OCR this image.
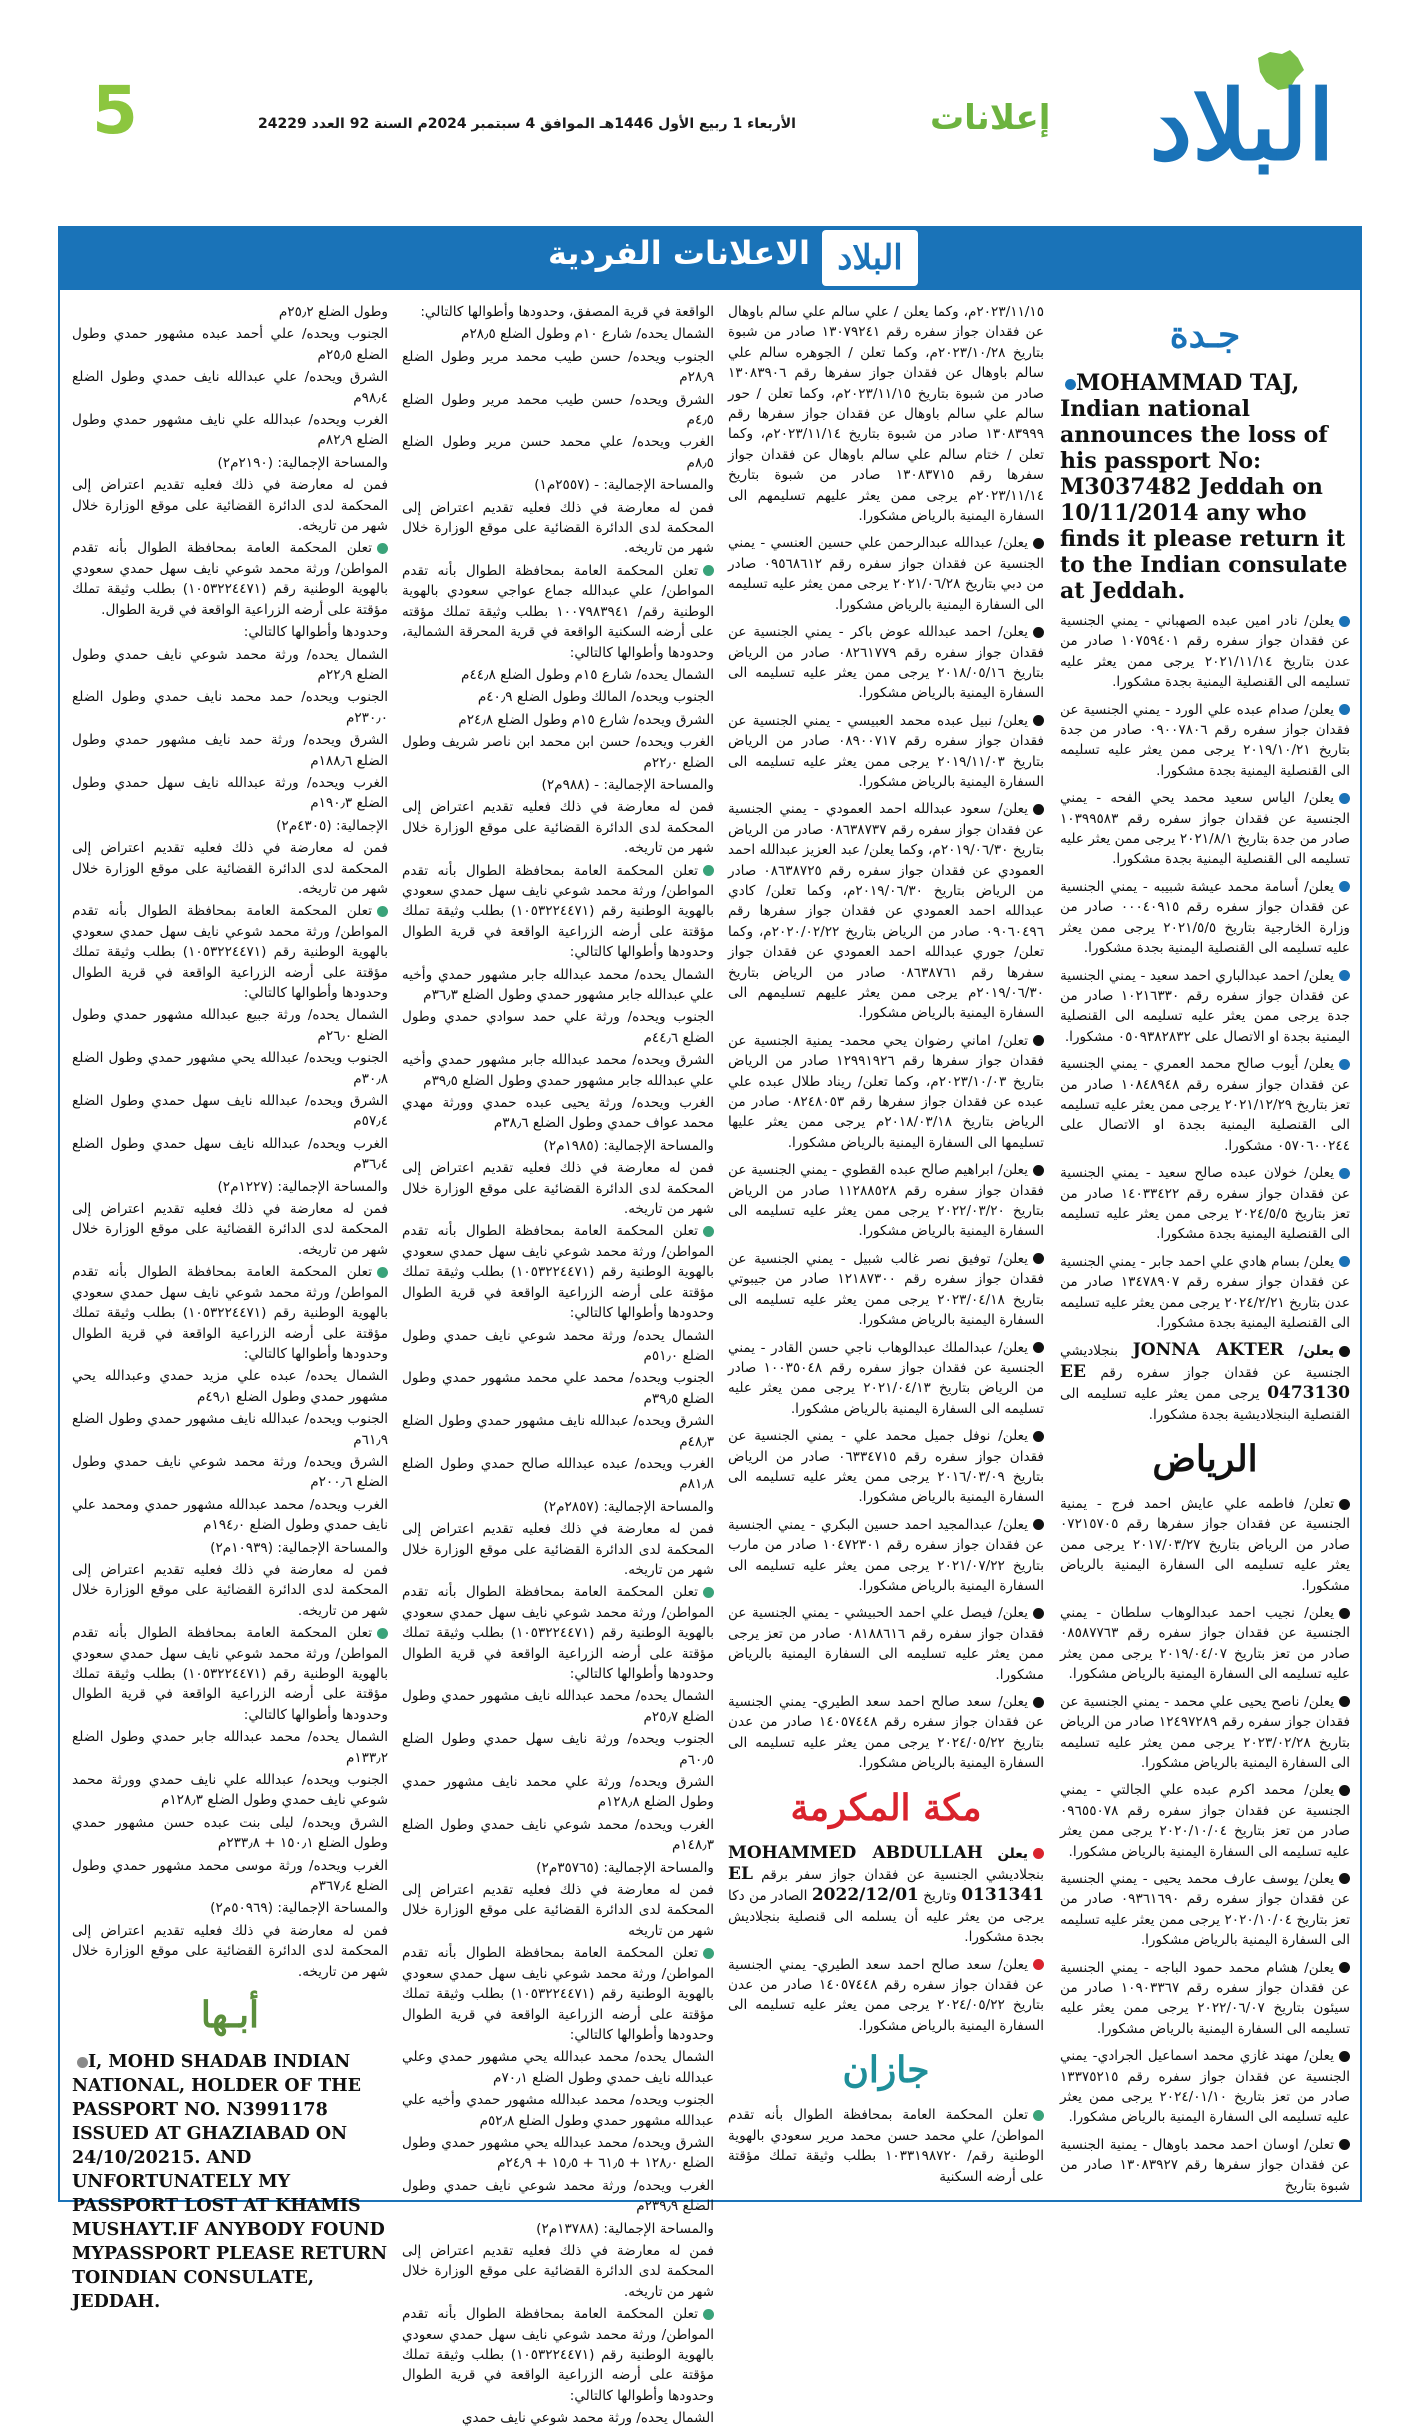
5	الأربعاء 1 ربيع الأول 1446هـ الموافق 4 سبتمبر 2024م السنة 92 العدد 24229	إعلانات	البلاد
الاعلانات الفردية البلاد
جـدة

MOHAMMAD TAJ, Indian national announces the loss of his passport No: M3037482 Jeddah on 10/11/2014 any who finds it please return it to the Indian consulate at Jeddah.

يعلن/ نادر امين عبده الصهباني - يمني الجنسية عن فقدان جواز سفره رقم ١٠٧٥٩٤٠١ صادر من عدن بتاريخ ٢٠٢١/١١/١٤ يرجى ممن يعثر عليه تسليمه الى القنصلية اليمنية بجدة مشكورا.

يعلن/ صدام عبده علي الورد - يمني الجنسية عن فقدان جواز سفره رقم ٠٩٠٠٧٨٠٦ صادر من جدة بتاريخ ٢٠١٩/١٠/٢١ يرجى ممن يعثر عليه تسليمه الى القنصلية اليمنية بجدة مشكورا.

يعلن/ الياس سعيد محمد يحي الفحه - يمني الجنسية عن فقدان جواز سفره رقم ١٠٣٩٩٥٨٣ صادر من جدة بتاريخ ٢٠٢١/٨/١ يرجى ممن يعثر عليه تسليمه الى القنصلية اليمنية بجدة مشكورا.

يعلن/ أسامة محمد عيشة شبيبه - يمني الجنسية عن فقدان جواز سفره رقم ٠٠٠٤٠٩١٥ صادر من وزارة الخارجية بتاريخ ٢٠٢١/٥/٥ يرجى ممن يعثر عليه تسليمه الى القنصلية اليمنية بجدة مشكورا.

يعلن/ احمد عبدالباري احمد سعيد - يمني الجنسية عن فقدان جواز سفره رقم ١٠٢١٦٣٣٠ صادر من جدة يرجى ممن يعثر عليه تسليمه الى القنصلية اليمنية بجدة او الاتصال على ٠٥٠٩٣٨٢٨٣٢ مشكورا.

يعلن/ أيوب صالح محمد العمري - يمني الجنسية عن فقدان جواز سفره رقم ١٠٨٤٨٩٤٨ صادر من تعز بتاريخ ٢٠٢١/١٢/٢٩ يرجى ممن يعثر عليه تسليمه الى القنصلية اليمنية بجدة او الاتصال على ٠٥٧٠٦٠٠٢٤٤ مشكورا.

يعلن/ خولان عبده صالح سعيد - يمني الجنسية عن فقدان جواز سفره رقم ١٤٠٣٣٤٢٢ صادر من تعز بتاريخ ٢٠٢٤/٥/٥ يرجى ممن يعثر عليه تسليمه الى القنصلية اليمنية بجدة مشكورا.

يعلن/ بسام هادي علي احمد جابر - يمني الجنسية عن فقدان جواز سفره رقم ١٣٤٧٨٩٠٧ صادر من عدن بتاريخ ٢٠٢٤/٢/٢١ يرجى ممن يعثر عليه تسليمه الى القنصلية اليمنية بجدة مشكورا.

يعلن/ JONNA AKTER بنجلاديشي الجنسية عن فقدان جواز سفره رقم EE 0473130 يرجى ممن يعثر عليه تسليمه الى القنصلية البنجلاديشية بجدة مشكورا.

الرياض

تعلن/ فاطمه علي عايش احمد فرج - يمنية الجنسية عن فقدان جواز سفرها رقم ٠٧٢١٥٧٠٥ صادر من الرياض بتاريخ ٢٠١٧/٠٣/٢٧ يرجى ممن يعثر عليه تسليمه الى السفارة اليمنية بالرياض مشكورا.

يعلن/ نجيب احمد عبدالوهاب سلطان - يمني الجنسية عن فقدان جواز سفره رقم ٠٨٥٨٧٧٦٣ صادر من تعز بتاريخ ٢٠١٩/٠٤/٠٧ يرجى ممن يعثر عليه تسليمه الى السفارة اليمنية بالرياض مشكورا.

يعلن/ ناصح يحيى علي محمد - يمني الجنسية عن فقدان جواز سفره رقم ١٢٤٩٧٢٨٩ صادر من الرياض بتاريخ ٢٠٢٣/٠٢/٢٨ يرجى ممن يعثر عليه تسليمه الى السفارة اليمنية بالرياض مشكورا.

يعلن/ محمد اكرم عبده علي الجالتي - يمني الجنسية عن فقدان جواز سفره رقم ٠٩٦٥٥٠٧٨ صادر من تعز بتاريخ ٢٠٢٠/١٠/٠٤ يرجى ممن يعثر عليه تسليمه الى السفارة اليمنية بالرياض مشكورا.

يعلن/ يوسف عارف محمد يحيى - يمني الجنسية عن فقدان جواز سفره رقم ٠٩٣٦١٦٩٠ صادر من تعز بتاريخ ٢٠٢٠/١٠/٠٤ يرجى ممن يعثر عليه تسليمه الى السفارة اليمنية بالرياض مشكورا.

يعلن/ هشام محمد حمود الباجه - يمني الجنسية عن فقدان جواز سفره رقم ١٠٩٠٣٣٦٧ صادر من سيئون بتاريخ ٢٠٢٢/٠٦/٠٧ يرجى ممن يعثر عليه تسليمه الى السفارة اليمنية بالرياض مشكورا.

يعلن/ مهند غازي محمد اسماعيل الجرادي- يمني الجنسية عن فقدان جواز سفره رقم ١٣٣٧٥٢١٥ صادر من تعز بتاريخ ٢٠٢٤/٠١/١٠ يرجى ممن يعثر عليه تسليمه الى السفارة اليمنية بالرياض مشكورا.

تعلن/ اوسان احمد محمد باوهال - يمنية الجنسية عن فقدان جواز سفرها رقم ١٣٠٨٣٩٢٧ صادر من شبوة بتاريخ

٢٠٢٣/١١/١٥م، وكما يعلن / علي سالم علي سالم باوهال عن فقدان جواز سفره رقم ١٣٠٧٩٢٤١ صادر من شبوة بتاريخ ٢٠٢٣/١٠/٢٨م، وكما تعلن / الجوهره سالم علي سالم باوهال عن فقدان جواز سفرها رقم ١٣٠٨٣٩٠٦ صادر من شبوة بتاريخ ٢٠٢٣/١١/١٥م، وكما تعلن / حور سالم علي سالم باوهال عن فقدان جواز سفرها رقم ١٣٠٨٣٩٩٩ صادر من شبوة بتاريخ ٢٠٢٣/١١/١٤م، وكما تعلن / ختام سالم علي سالم باوهال عن فقدان جواز سفرها رقم ١٣٠٨٣٧١٥ صادر من شبوة بتاريخ ٢٠٢٣/١١/١٤م يرجى ممن يعثر عليهم تسليمهم الى السفارة اليمنية بالرياض مشكورا.

يعلن/ عبدالله عبدالرحمن علي حسين العنسي - يمني الجنسية عن فقدان جواز سفره رقم ٠٩٥٦٨٦١٢ صادر من دبي بتاريخ ٢٠٢١/٠٦/٢٨ يرجى ممن يعثر عليه تسليمه الى السفارة اليمنية بالرياض مشكورا.

يعلن/ احمد عبدالله عوض باكر - يمني الجنسية عن فقدان جواز سفره رقم ٠٨٢٦١٧٧٩ صادر من الرياض بتاريخ ٢٠١٨/٠٥/١٦ يرجى ممن يعثر عليه تسليمه الى السفارة اليمنية بالرياض مشكورا.

يعلن/ نبيل عبده محمد العبيسي - يمني الجنسية عن فقدان جواز سفره رقم ٠٨٩٠٠٧١٧ صادر من الرياض بتاريخ ٢٠١٩/١١/٠٣ يرجى ممن يعثر عليه تسليمه الى السفارة اليمنية بالرياض مشكورا.

يعلن/ سعود عبدالله احمد العمودي - يمني الجنسية عن فقدان جواز سفره رقم ٠٨٦٣٨٧٣٧ صادر من الرياض بتاريخ ٢٠١٩/٠٦/٣٠م، وكما يعلن/ عبد العزيز عبدالله احمد العمودي عن فقدان جواز سفره رقم ٠٨٦٣٨٧٢٥ صادر من الرياض بتاريخ ٢٠١٩/٠٦/٣٠م، وكما تعلن/ كادي عبدالله احمد العمودي عن فقدان جواز سفرها رقم ٠٩٠٦٠٤٩٦ صادر من الرياض بتاريخ ٢٠٢٠/٠٢/٢٢م، وكما تعلن/ جوري عبدالله احمد العمودي عن فقدان جواز سفرها رقم ٠٨٦٣٨٧٦١ صادر من الرياض بتاريخ ٢٠١٩/٠٦/٣٠م يرجى ممن يعثر عليهم تسليمهم الى السفارة اليمنية بالرياض مشكورا.

تعلن/ اماني رضوان يحي محمد- يمنية الجنسية عن فقدان جواز سفرها رقم ١٢٩٩١٩٢٦ صادر من الرياض بتاريخ ٢٠٢٣/١٠/٠٣م، وكما تعلن/ ريناد طلال عبده علي عبده عن فقدان جواز سفرها رقم ٠٨٢٤٨٠٥٣ صادر من الرياض بتاريخ ٢٠١٨/٠٣/١٨م يرجى ممن يعثر عليها تسليمها الى السفارة اليمنية بالرياض مشكورا.

يعلن/ ابراهيم صالح عبده القطوي - يمني الجنسية عن فقدان جواز سفره رقم ١١٢٨٨٥٢٨ صادر من الرياض بتاريخ ٢٠٢٢/٠٣/٢٠ يرجى ممن يعثر عليه تسليمه الى السفارة اليمنية بالرياض مشكورا.

يعلن/ توفيق نصر غالب شبيل - يمني الجنسية عن فقدان جواز سفره رقم ١٢١٨٧٣٠٠ صادر من جيبوتي بتاريخ ٢٠٢٣/٠٤/١٨ يرجى ممن يعثر عليه تسليمه الى السفارة اليمنية بالرياض مشكورا.

يعلن/ عبدالملك عبدالوهاب ناجي حسن القادر - يمني الجنسية عن فقدان جواز سفره رقم ١٠٠٣٥٠٤٨ صادر من الرياض بتاريخ ٢٠٢١/٠٤/١٣ يرجى ممن يعثر عليه تسليمه الى السفارة اليمنية بالرياض مشكورا.

يعلن/ نوفل جميل محمد علي - يمني الجنسية عن فقدان جواز سفره رقم ٠٦٣٣٤٧١٥ صادر من الرياض بتاريخ ٢٠١٦/٠٣/٠٩ يرجى ممن يعثر عليه تسليمه الى السفارة اليمنية بالرياض مشكورا.

يعلن/ عبدالمجيد احمد حسين البكري - يمني الجنسية عن فقدان جواز سفره رقم ١٠٤٧٢٣٠١ صادر من مارب بتاريخ ٢٠٢١/٠٧/٢٢ يرجى ممن يعثر عليه تسليمه الى السفارة اليمنية بالرياض مشكورا.

يعلن/ فيصل علي احمد الحبيشي - يمني الجنسية عن فقدان جواز سفره رقم ٠٨١٨٨٦١٦ صادر من تعز يرجى ممن يعثر عليه تسليمه الى السفارة اليمنية بالرياض مشكورا.

يعلن/ سعد صالح احمد سعد الطيري- يمني الجنسية عن فقدان جواز سفره رقم ١٤٠٥٧٤٤٨ صادر من عدن بتاريخ ٢٠٢٤/٠٥/٢٢ يرجى ممن يعثر عليه تسليمه الى السفارة اليمنية بالرياض مشكورا.

مكة المكرمة

يعلن MOHAMMED ABDULLAH بنجلاديشي الجنسية عن فقدان جواز سفر برقم EL 0131341 وتاريخ 2022/12/01 الصادر من دكا يرجى من يعثر عليه أن يسلمه الى قنصلية بنجلاديش بجدة مشكورا.

يعلن/ سعد صالح احمد سعد الطيري- يمني الجنسية عن فقدان جواز سفره رقم ١٤٠٥٧٤٤٨ صادر من عدن بتاريخ ٢٠٢٤/٠٥/٢٢ يرجى ممن يعثر عليه تسليمه الى السفارة اليمنية بالرياض مشكورا.

جازان

تعلن المحكمة العامة بمحافظة الطوال بأنه تقدم المواطن/ علي محمد حسن محمد مرير سعودي بالهوية الوطنية رقم/ ١٠٣٣١٩٨٧٢٠ بطلب وثيقة تملك مؤقتة على أرضه السكنية

الواقعة في قرية المصفق، وحدودها وأطوالها كالتالي:

الشمال يحده/ شارع ١٠م وطول الضلع ٢٨٫٥م

الجنوب ويحده/ حسن طيب محمد مرير وطول الضلع ٢٨٫٩م

الشرق ويحده/ حسن طيب محمد مرير وطول الضلع ٤٫٥م

الغرب ويحده/ علي محمد حسن مرير وطول الضلع ٨٫٥م

والمساحة الإجمالية: - (٢٥٥٧م١)

فمن له معارضة في ذلك فعليه تقديم اعتراض إلى المحكمة لدى الدائرة القضائية على موقع الوزارة خلال شهر من تاريخه.

تعلن المحكمة العامة بمحافظة الطوال بأنه تقدم المواطن/ علي عبدالله جماع عواجي سعودي بالهوية الوطنية رقم/ ١٠٠٧٩٨٣٩٤١ بطلب وثيقة تملك مؤقته على أرضه السكنية الواقعة في قرية المحرقة الشمالية، وحدودها وأطوالها كالتالي:

الشمال يحده/ شارع ١٥م وطول الضلع ٤٤٫٨م

الجنوب ويحده/ المالك وطول الضلع ٤٠٫٩م

الشرق ويحده/ شارع ١٥م وطول الضلع ٢٤٫٨م

الغرب ويحده/ حسن ابن محمد ابن ناصر شريف وطول الضلع ٢٢٫٠م

والمساحة الإجمالية: - (٩٨٨م٢)

فمن له معارضة في ذلك فعليه تقديم اعتراض إلى المحكمة لدى الدائرة القضائية على موقع الوزارة خلال شهر من تاريخه.

تعلن المحكمة العامة بمحافظة الطوال بأنه تقدم المواطن/ ورثة محمد شوعي نايف سهل حمدي سعودي بالهوية الوطنية رقم (١٠٥٣٢٢٤٤٧١) بطلب وثيقة تملك مؤقتة على أرضه الزراعية الواقعة في قرية الطوال وحدودها وأطوالها كالتالي:

الشمال يحده/ محمد عبدالله جابر مشهور حمدي وأخيه علي عبدالله جابر مشهور حمدي وطول الضلع ٣٦٫٣م

الجنوب ويحده/ ورثة علي حمد سوادي حمدي وطول الضلع ٤٤٫٦م

الشرق ويحده/ محمد عبدالله جابر مشهور حمدي وأخيه علي عبدالله جابر مشهور حمدي وطول الضلع ٣٩٫٥م

الغرب ويحده/ ورثة يحيى عبده حمدي وورثة مهدي محمد عواف حمدي وطول الضلع ٣٨٫٦م

والمساحة الإجمالية: (١٩٨٥م٢)

فمن له معارضة في ذلك فعليه تقديم اعتراض إلى المحكمة لدى الدائرة القضائية على موقع الوزارة خلال شهر من تاريخه.

تعلن المحكمة العامة بمحافظة الطوال بأنه تقدم المواطن/ ورثة محمد شوعي نايف سهل حمدي سعودي بالهوية الوطنية رقم (١٠٥٣٢٢٤٤٧١) بطلب وثيقة تملك مؤقتة على أرضه الزراعية الواقعة في قرية الطوال وحدودها وأطوالها كالتالي:

الشمال يحده/ ورثة محمد شوعي نايف حمدي وطول الضلع ٥١٫٠م

الجنوب ويحده/ محمد علي محمد مشهور حمدي وطول الضلع ٣٩٫٥م

الشرق ويحده/ عبدالله نايف مشهور حمدي وطول الضلع ٤٨٫٣م

الغرب ويحده/ عبده عبدالله صالح حمدي وطول الضلع ٨١٫٨م

والمساحة الإجمالية: (٢٨٥٧م٢)

فمن له معارضة في ذلك فعليه تقديم اعتراض إلى المحكمة لدى الدائرة القضائية على موقع الوزارة خلال شهر من تاريخه.

تعلن المحكمة العامة بمحافظة الطوال بأنه تقدم المواطن/ ورثة محمد شوعي نايف سهل حمدي سعودي بالهوية الوطنية رقم (١٠٥٣٢٢٤٤٧١) بطلب وثيقة تملك مؤقتة على أرضه الزراعية الواقعة في قرية الطوال وحدودها وأطوالها كالتالي:

الشمال يحده/ محمد عبدالله نايف مشهور حمدي وطول الضلع ٢٥٫٧م

الجنوب ويحده/ ورثة نايف سهل حمدي وطول الضلع ٦٠٫٥م

الشرق ويحده/ ورثة علي محمد نايف مشهور حمدي وطول الضلع ١٢٨٫٨م

الغرب ويحده/ محمد شوعي نايف حمدي وطول الضلع ١٤٨٫٣م

والمساحة الإجمالية: (٣٥٧٦٥م٢)

فمن له معارضة في ذلك فعليه تقديم اعتراض إلى المحكمة لدى الدائرة القضائية على موقع الوزارة خلال شهر من تاريخه

تعلن المحكمة العامة بمحافظة الطوال بأنه تقدم المواطن/ ورثة محمد شوعي نايف سهل حمدي سعودي بالهوية الوطنية رقم (١٠٥٣٢٢٤٤٧١) بطلب وثيقة تملك مؤقتة على أرضه الزراعية الواقعة في قرية الطوال وحدودها وأطوالها كالتالي:

الشمال يحده/ محمد عبدالله يحي مشهور حمدي وعلي عبدالله نايف حمدي وطول الضلع ٧٠٫١م

الجنوب ويحده/ محمد عبدالله مشهور حمدي وأخيه علي عبدالله مشهور حمدي وطول الضلع ٥٢٫٨م

الشرق ويحده/ محمد عبدالله يحي مشهور حمدي وطول الضلع ١٢٨٫٠ + ٦١٫٥ + ١٥٫٥ + ٢٤٫٩م

الغرب ويحده/ ورثة محمد شوعي نايف حمدي وطول الضلع ٢٣٩٫٩م

والمساحة الإجمالية: (١٣٧٨٨م٢)

فمن له معارضة في ذلك فعليه تقديم اعتراض إلى المحكمة لدى الدائرة القضائية على موقع الوزارة خلال شهر من تاريخه.

تعلن المحكمة العامة بمحافظة الطوال بأنه تقدم المواطن/ ورثة محمد شوعي نايف سهل حمدي سعودي بالهوية الوطنية رقم (١٠٥٣٢٢٤٤٧١) بطلب وثيقة تملك مؤقتة على أرضه الزراعية الواقعة في قرية الطوال وحدودها وأطوالها كالتالي:

الشمال يحده/ ورثة محمد شوعي نايف حمدي

وطول الضلع ٢٥٫٢م

الجنوب ويحده/ علي أحمد عبده مشهور حمدي وطول الضلع ٢٥٫٥م

الشرق ويحده/ علي عبدالله نايف حمدي وطول الضلع ٩٨٫٤م

الغرب ويحده/ عبدالله علي نايف مشهور حمدي وطول الضلع ٨٢٫٩م

والمساحة الإجمالية: (٢١٩٠م٢)

فمن له معارضة في ذلك فعليه تقديم اعتراض إلى المحكمة لدى الدائرة القضائية على موقع الوزارة خلال شهر من تاريخه.

تعلن المحكمة العامة بمحافظة الطوال بأنه تقدم المواطن/ ورثة محمد شوعي نايف سهل حمدي سعودي بالهوية الوطنية رقم (١٠٥٣٢٢٤٤٧١) بطلب وثيقة تملك مؤقتة على أرضه الزراعية الواقعة في قرية الطوال.

وحدودها وأطوالها كالتالي:

الشمال يحده/ ورثة محمد شوعي نايف حمدي وطول الضلع ٢٢٫٩م

الجنوب ويحده/ حمد محمد نايف حمدي وطول الضلع ٢٣٠٫٠م

الشرق ويحده/ ورثة حمد نايف مشهور حمدي وطول الضلع ١٨٨٫٦م

الغرب ويحده/ ورثة عبدالله نايف سهل حمدي وطول الضلع ١٩٠٫٣م

الإجمالية: (٤٣٠٥م٢)

فمن له معارضة في ذلك فعليه تقديم اعتراض إلى المحكمة لدى الدائرة القضائية على موقع الوزارة خلال شهر من تاريخه.

تعلن المحكمة العامة بمحافظة الطوال بأنه تقدم المواطن/ ورثة محمد شوعي نايف سهل حمدي سعودي بالهوية الوطنية رقم (١٠٥٣٢٢٤٤٧١) بطلب وثيقة تملك مؤقتة على أرضه الزراعية الواقعة في قرية الطوال وحدودها وأطوالها كالتالي:

الشمال يحده/ ورثة جبيع عبدالله مشهور حمدي وطول الضلع ٢٦٫٠م

الجنوب ويحده/ عبدالله يحي مشهور حمدي وطول الضلع ٣٠٫٨م

الشرق ويحده/ عبدالله نايف سهل حمدي وطول الضلع ٥٧٫٤م

الغرب ويحده/ عبدالله نايف سهل حمدي وطول الضلع ٣٦٫٤م

والمساحة الإجمالية: (١٢٢٧م٢)

فمن له معارضة في ذلك فعليه تقديم اعتراض إلى المحكمة لدى الدائرة القضائية على موقع الوزارة خلال شهر من تاريخه.

تعلن المحكمة العامة بمحافظة الطوال بأنه تقدم المواطن/ ورثة محمد شوعي نايف سهل حمدي سعودي بالهوية الوطنية رقم (١٠٥٣٢٢٤٤٧١) بطلب وثيقة تملك مؤقتة على أرضه الزراعية الواقعة في قرية الطوال وحدودها وأطوالها كالتالي:

الشمال يحده/ عبده علي مزيد حمدي وعبدالله يحي مشهور حمدي وطول الضلع ٤٩٫١م

الجنوب ويحده/ عبدالله نايف مشهور حمدي وطول الضلع ٦١٫٩م

الشرق ويحده/ ورثة محمد شوعي نايف حمدي وطول الضلع ٢٠٠٫٦م

الغرب ويحده/ محمد عبدالله مشهور حمدي ومحمد علي نايف حمدي وطول الضلع ١٩٤٫٠م

والمساحة الإجمالية: (١٠٩٣٩م٢)

فمن له معارضة في ذلك فعليه تقديم اعتراض إلى المحكمة لدى الدائرة القضائية على موقع الوزارة خلال شهر من تاريخه.

تعلن المحكمة العامة بمحافظة الطوال بأنه تقدم المواطن/ ورثة محمد شوعي نايف سهل حمدي سعودي بالهوية الوطنية رقم (١٠٥٣٢٢٤٤٧١) بطلب وثيقة تملك مؤقتة على أرضه الزراعية الواقعة في قرية الطوال وحدودها وأطوالها كالتالي:

الشمال يحده/ محمد عبدالله جابر حمدي وطول الضلع ١٣٣٫٢م

الجنوب ويحده/ عبدالله علي نايف حمدي وورثة محمد شوعي نايف حمدي وطول الضلع ١٢٨٫٣م

الشرق ويحده/ ليلى بنت عبده حسن مشهور حمدي وطول الضلع ١٥٠٫١ + ٢٣٣٫٨م

الغرب ويحده/ ورثة موسى محمد مشهور حمدي وطول الضلع ٣٦٧٫٤م

والمساحة الإجمالية: (٥٠٩٦٩م٢)

فمن له معارضة في ذلك فعليه تقديم اعتراض إلى المحكمة لدى الدائرة القضائية على موقع الوزارة خلال شهر من تاريخه.

أبـها

I, MOHD SHADAB INDIAN NATIONAL, HOLDER OF THE PASSPORT NO. N3991178 ISSUED AT GHAZIABAD ON 24/10/20215. AND UNFORTUNATELY MY PASSPORT LOST AT KHAMIS MUSHAYT.IF ANYBODY FOUND MYPASSPORT PLEASE RETURN TOINDIAN CONSULATE, JEDDAH.
